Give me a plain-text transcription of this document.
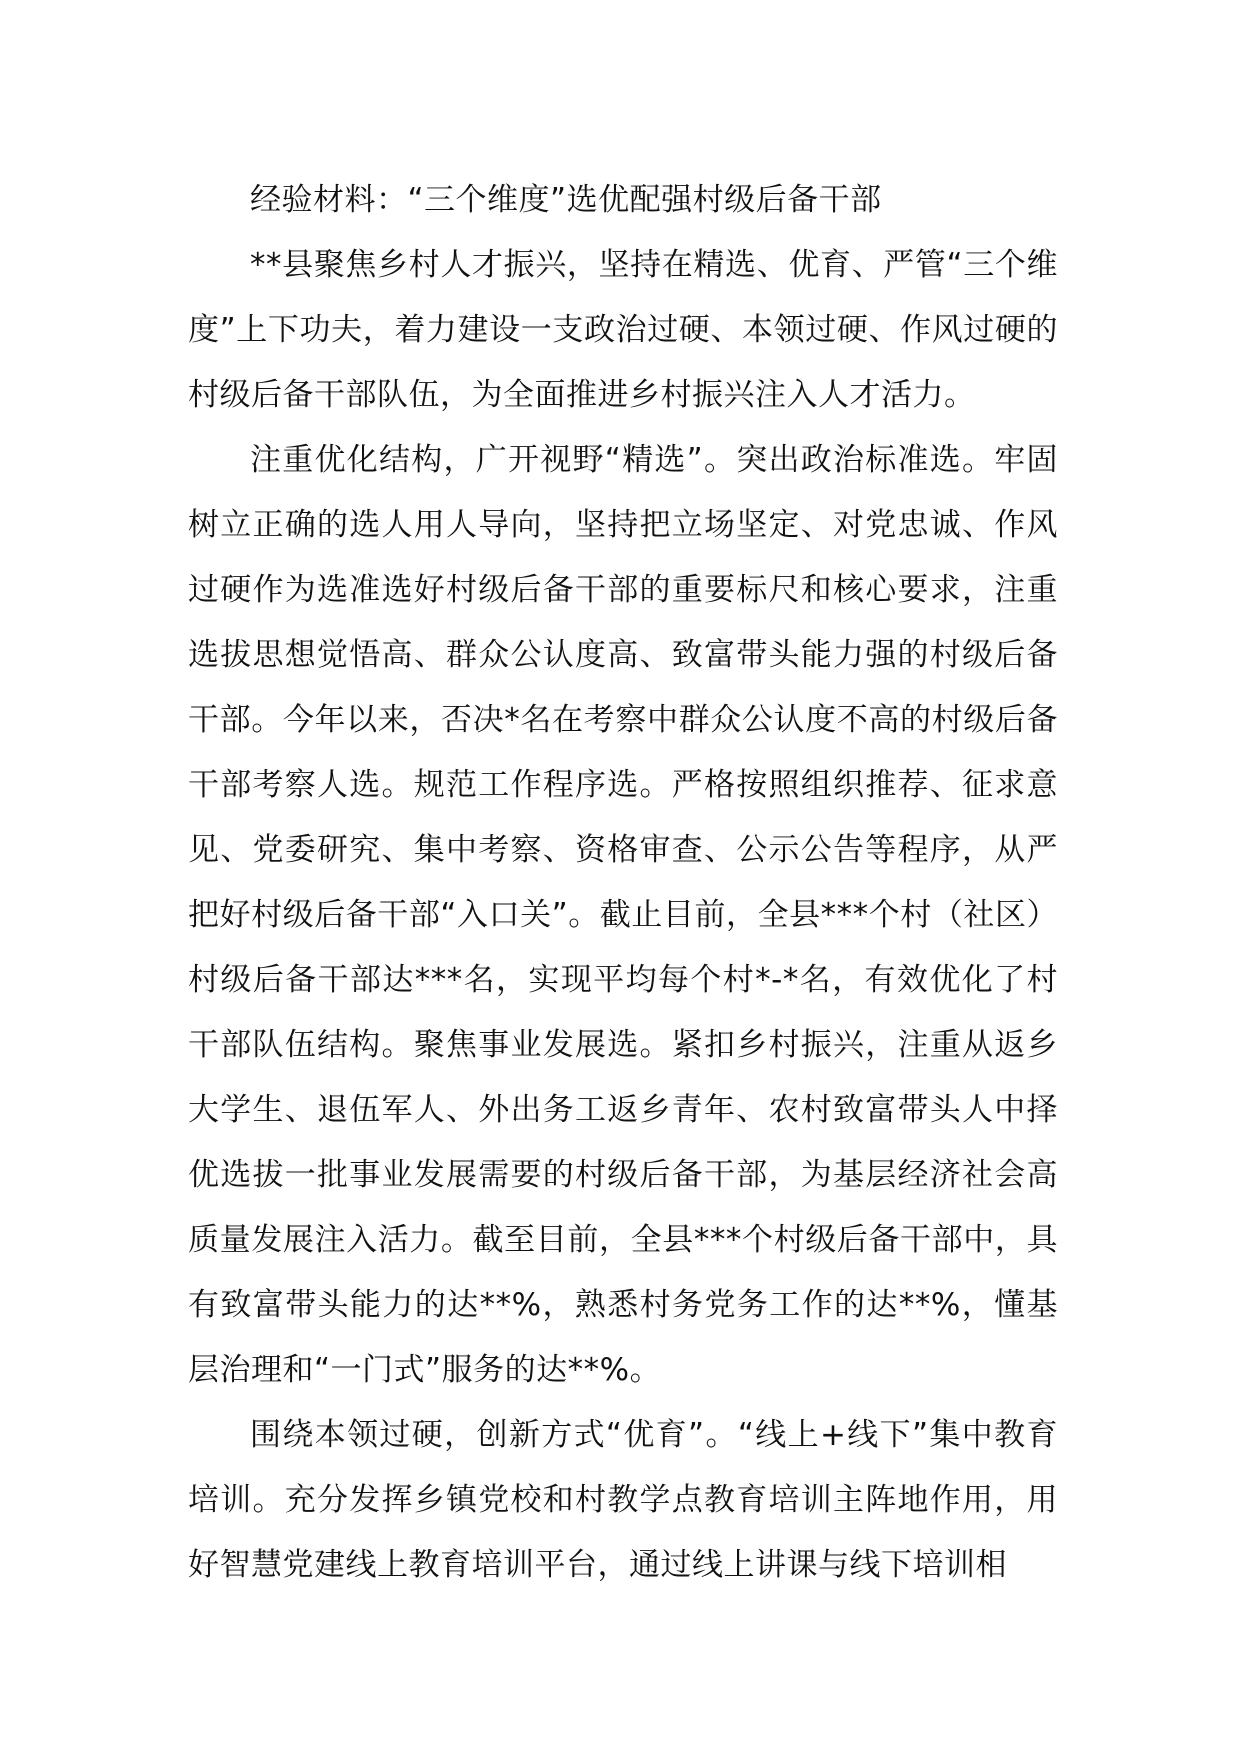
经验材料：“三个维度”选优配强村级后备干部

**县聚焦乡村人才振兴，坚持在精选、优育、严管“三个维度”上下功夫，着力建设一支政治过硬、本领过硬、作风过硬的村级后备干部队伍，为全面推进乡村振兴注入人才活力。

注重优化结构，广开视野“精选”。突出政治标准选。牢固树立正确的选人用人导向，坚持把立场坚定、对党忠诚、作风过硬作为选准选好村级后备干部的重要标尺和核心要求，注重选拔思想觉悟高、群众公认度高、致富带头能力强的村级后备干部。今年以来，否决*名在考察中群众公认度不高的村级后备干部考察人选。规范工作程序选。严格按照组织推荐、征求意见、党委研究、集中考察、资格审查、公示公告等程序，从严把好村级后备干部“入口关”。截止目前，全县***个村（社区）村级后备干部达***名，实现平均每个村*-*名，有效优化了村干部队伍结构。聚焦事业发展选。紧扣乡村振兴，注重从返乡大学生、退伍军人、外出务工返乡青年、农村致富带头人中择优选拔一批事业发展需要的村级后备干部，为基层经济社会高质量发展注入活力。截至目前，全县***个村级后备干部中，具有致富带头能力的达**%，熟悉村务党务工作的达**%，懂基层治理和“一门式”服务的达**%。

围绕本领过硬，创新方式“优育”。“线上+线下”集中教育培训。充分发挥乡镇党校和村教学点教育培训主阵地作用，用好智慧党建线上教育培训平台，通过线上讲课与线下培训相
